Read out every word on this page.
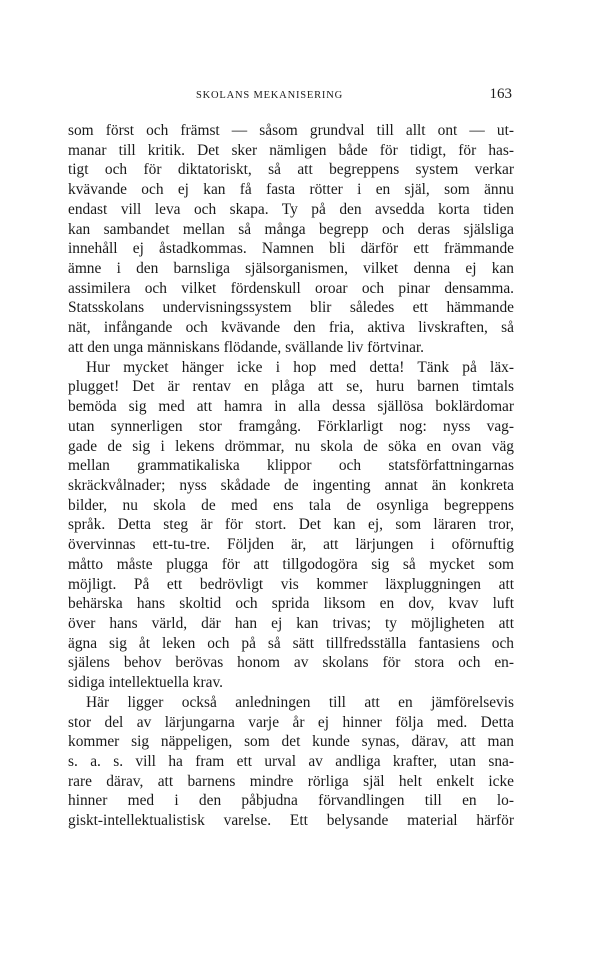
SKOLANS MEKANISERING	163
som först och främst — såsom grundval till allt ont — ut-
manar till kritik. Det sker nämligen både för tidigt, för has-
tigt och för diktatoriskt, så att begreppens system verkar
kvävande och ej kan få fasta rötter i en själ, som ännu
endast vill leva och skapa. Ty på den avsedda korta tiden
kan sambandet mellan så många begrepp och deras själsliga
innehåll ej åstadkommas. Namnen bli därför ett främmande
ämne i den barnsliga själsorganismen, vilket denna ej kan
assimilera och vilket fördenskull oroar och pinar densamma.
Statsskolans undervisningssystem blir således ett hämmande
nät, infångande och kvävande den fria, aktiva livskraften, så
att den unga människans flödande, svällande liv förtvinar.
Hur mycket hänger icke i hop med detta! Tänk på läx-
plugget! Det är rentav en plåga att se, huru barnen timtals
bemöda sig med att hamra in alla dessa själlösa boklärdomar
utan synnerligen stor framgång. Förklarligt nog: nyss vag-
gade de sig i lekens drömmar, nu skola de söka en ovan väg
mellan grammatikaliska klippor och statsförfattningarnas
skräckvålnader; nyss skådade de ingenting annat än konkreta
bilder, nu skola de med ens tala de osynliga begreppens
språk. Detta steg är för stort. Det kan ej, som läraren tror,
övervinnas ett-tu-tre. Följden är, att lärjungen i oförnuftig
måtto måste plugga för att tillgodogöra sig så mycket som
möjligt. På ett bedrövligt vis kommer läxpluggningen att
behärska hans skoltid och sprida liksom en dov, kvav luft
över hans värld, där han ej kan trivas; ty möjligheten att
ägna sig åt leken och på så sätt tillfredsställa fantasiens och
själens behov berövas honom av skolans för stora och en-
sidiga intellektuella krav.
Här ligger också anledningen till att en jämförelsevis
stor del av lärjungarna varje år ej hinner följa med. Detta
kommer sig näppeligen, som det kunde synas, därav, att man
s. a. s. vill ha fram ett urval av andliga krafter, utan sna-
rare därav, att barnens mindre rörliga själ helt enkelt icke
hinner med i den påbjudna förvandlingen till en lo-
giskt-intellektualistisk varelse. Ett belysande material härför
